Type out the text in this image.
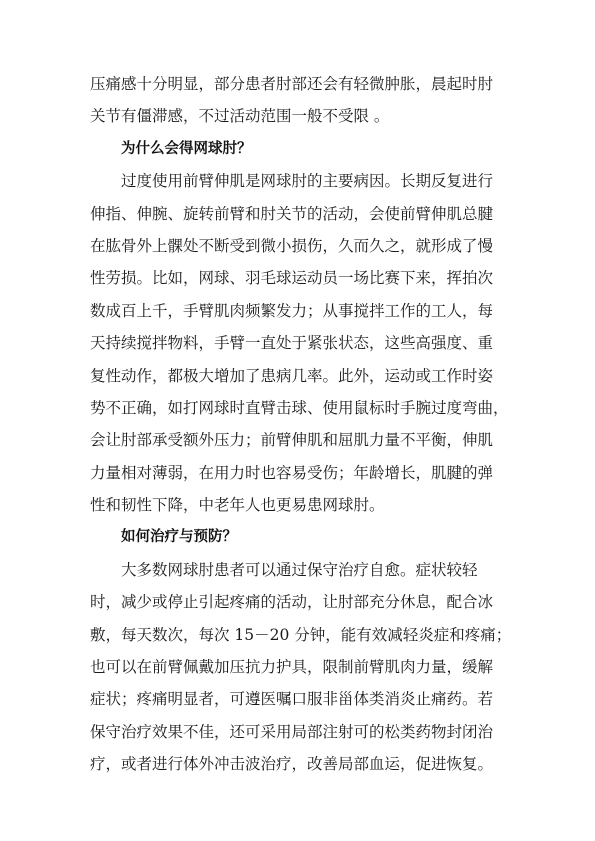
压痛感十分明显，部分患者肘部还会有轻微肿胀，晨起时肘
关节有僵滞感，不过活动范围一般不受限 。
为什么会得网球肘？
过度使用前臂伸肌是网球肘的主要病因。长期反复进行
伸指、伸腕、旋转前臂和肘关节的活动，会使前臂伸肌总腱
在肱骨外上髁处不断受到微小损伤，久而久之，就形成了慢
性劳损。比如，网球、羽毛球运动员一场比赛下来，挥拍次
数成百上千，手臂肌肉频繁发力；从事搅拌工作的工人，每
天持续搅拌物料，手臂一直处于紧张状态，这些高强度、重
复性动作，都极大增加了患病几率。此外，运动或工作时姿
势不正确，如打网球时直臂击球、使用鼠标时手腕过度弯曲，
会让肘部承受额外压力；前臂伸肌和屈肌力量不平衡，伸肌
力量相对薄弱，在用力时也容易受伤；年龄增长，肌腱的弹
性和韧性下降，中老年人也更易患网球肘。
如何治疗与预防？
大多数网球肘患者可以通过保守治疗自愈。症状较轻
时，减少或停止引起疼痛的活动，让肘部充分休息，配合冰
敷，每天数次，每次 15－20 分钟，能有效减轻炎症和疼痛；
也可以在前臂佩戴加压抗力护具，限制前臂肌肉力量，缓解
症状；疼痛明显者，可遵医嘱口服非甾体类消炎止痛药。若
保守治疗效果不佳，还可采用局部注射可的松类药物封闭治
疗，或者进行体外冲击波治疗，改善局部血运，促进恢复。
